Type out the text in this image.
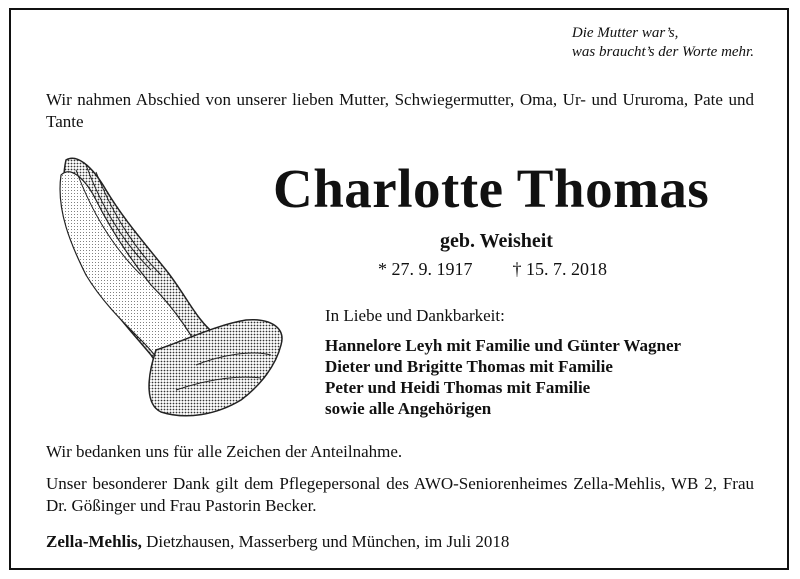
Die Mutter war’s,
was braucht’s der Worte mehr.
Wir nahmen Abschied von unserer lieben Mutter, Schwiegermutter, Oma, Ur- und Ururoma, Pate und Tante
Charlotte Thomas
geb. Weisheit
* 27. 9. 1917 † 15. 7. 2018
In Liebe und Dankbarkeit:
Hannelore Leyh mit Familie und Günter Wagner
Dieter und Brigitte Thomas mit Familie
Peter und Heidi Thomas mit Familie
sowie alle Angehörigen
Wir bedanken uns für alle Zeichen der Anteilnahme.
Unser besonderer Dank gilt dem Pflegepersonal des AWO-Seniorenheimes Zella-Mehlis, WB 2, Frau Dr. Gößinger und Frau Pastorin Becker.
Zella-Mehlis, Dietzhausen, Masserberg und München, im Juli 2018
